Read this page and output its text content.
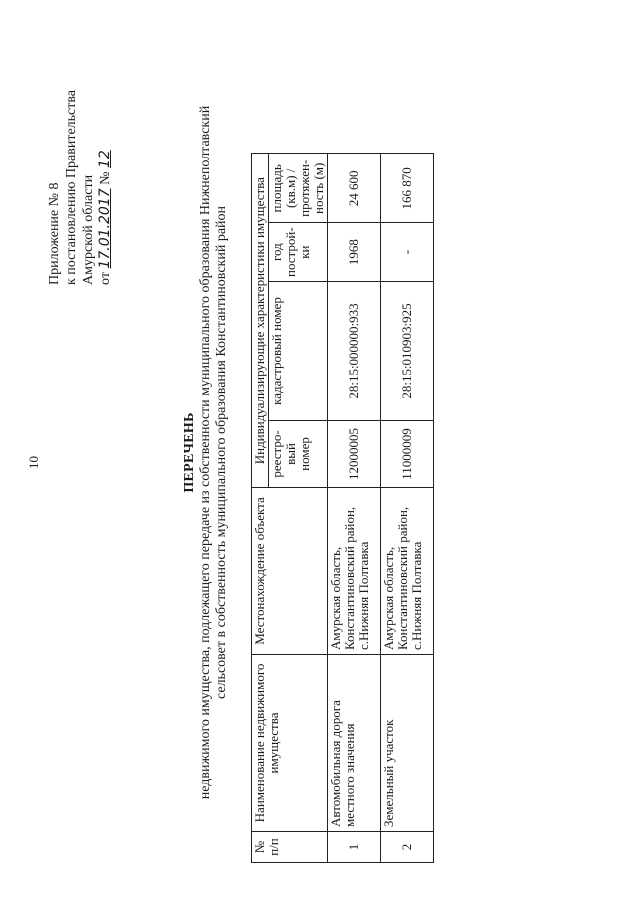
10
Приложение № 8 к постановлению Правительства Амурской области от 17.01.2017 № 12
ПЕРЕЧЕНЬ недвижимого имущества, подлежащего передаче из собственности муниципального образования Нижнеполтавский сельсовет в собственность муниципального образования Константиновский район
№ п/п	Наименование недвижимого имущества	Местонахождение объекта	Индивидуализирующие характеристики имущества			
			реестро-вый номер	кадастровый номер	год построй-ки	площадь (кв.м) / протяжен-ность (м)
1	Автомобильная дорога местного значения	Амурская область, Константиновский район, с.Нижняя Полтавка	12000005	28:15:000000:933	1968	24 600
2	Земельный участок	Амурская область, Константиновский район, с.Нижняя Полтавка	11000009	28:15:010903:925	-	166 870
